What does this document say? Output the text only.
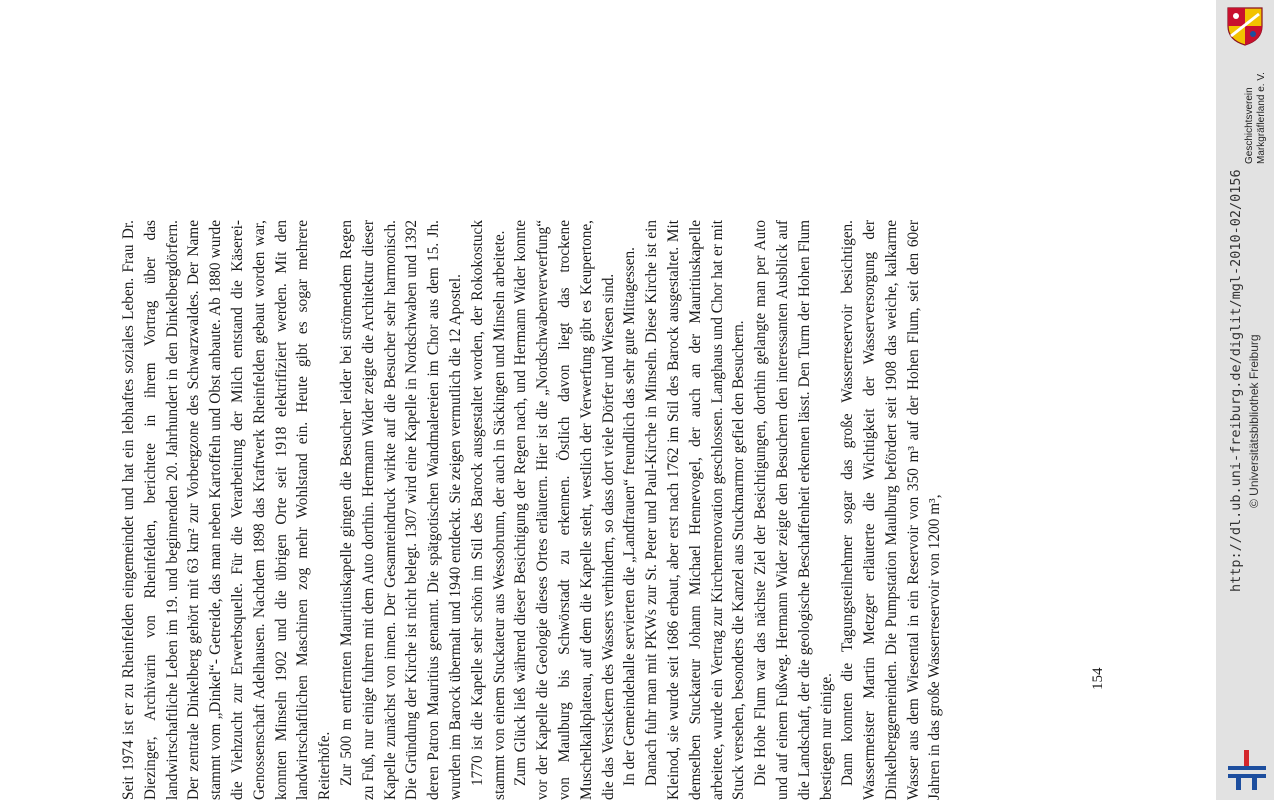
Seit 1974 ist er zu Rheinfelden eingemeindet und hat ein lebhaftes soziales Leben. Frau Dr. Diezinger, Archivarin von Rheinfelden, berichtete in ihrem Vortrag über das landwirtschaftliche Leben im 19. und beginnenden 20. Jahrhundert in den Dinkelbergdörfern. Der zentrale Dinkelberg gehört mit 63 km² zur Vorbergzone des Schwarzwaldes. Der Name stammt vom „Dinkel“- Getreide, das man neben Kartoffeln und Obst anbaute. Ab 1880 wurde die Viehzucht zur Erwerbsquelle. Für die Verarbeitung der Milch entstand die Käserei-Genossenschaft Adelhausen. Nachdem 1898 das Kraftwerk Rheinfelden gebaut worden war, konnten Minseln 1902 und die übrigen Orte seit 1918 elektrifiziert werden. Mit den landwirtschaftlichen Maschinen zog mehr Wohlstand ein. Heute gibt es sogar mehrere Reiterhöfe. Zur 500 m entfernten Mauritiuskapelle gingen die Besucher leider bei strömendem Regen zu Fuß, nur einige fuhren mit dem Auto dorthin. Hermann Wider zeigte die Architektur dieser Kapelle zunächst von innen. Der Gesamteindruck wirkte auf die Besucher sehr harmonisch. Die Gründung der Kirche ist nicht belegt. 1307 wird eine Kapelle in Nordschwaben und 1392 deren Patron Mauritius genannt. Die spätgotischen Wandmalereien im Chor aus dem 15. Jh. wurden im Barock übermalt und 1940 entdeckt. Sie zeigen vermutlich die 12 Apostel. 1770 ist die Kapelle sehr schön im Stil des Barock ausgestaltet worden, der Rokokostuck stammt von einem Stuckateur aus Wessobrunn, der auch in Säckingen und Minseln arbeitete. Zum Glück ließ während dieser Besichtigung der Regen nach, und Hermann Wider konnte vor der Kapelle die Geologie dieses Ortes erläutern. Hier ist die „Nordschwabenverwerfung“ von Maulburg bis Schwörstadt zu erkennen. Östlich davon liegt das trockene Muschelkalkplateau, auf dem die Kapelle steht, westlich der Verwerfung gibt es Keupertone, die das Versickern des Wassers verhindern, so dass dort viele Dörfer und Wiesen sind. In der Gemeindehalle servierten die „Landfrauen“ freundlich das sehr gute Mittagessen. Danach fuhr man mit PKWs zur St. Peter und Paul-Kirche in Minseln. Diese Kirche ist ein Kleinod, sie wurde seit 1686 erbaut, aber erst nach 1762 im Stil des Barock ausgestaltet. Mit demselben Stuckateur Johann Michael Hennevogel, der auch an der Mauritiuskapelle arbeitete, wurde ein Vertrag zur Kirchenrenovation geschlossen. Langhaus und Chor hat er mit Stuck versehen, besonders die Kanzel aus Stuckmarmor gefiel den Besuchern. Die Hohe Flum war das nächste Ziel der Besichtigungen, dorthin gelangte man per Auto und auf einem Fußweg. Hermann Wider zeigte den Besuchern den interessanten Ausblick auf die Landschaft, der die geologische Beschaffenheit erkennen lässt. Den Turm der Hohen Flum bestiegen nur einige. Dann konnten die Tagungsteilnehmer sogar das große Wasserreservoir besichtigen. Wassermeister Martin Metzger erläuterte die Wichtigkeit der Wasserversorgung der Dinkelberggemeinden. Die Pumpstation Maulburg befördert seit 1908 das weiche, kalkarme Wasser aus dem Wiesental in ein Reservoir von 350 m³ auf der Hohen Flum, seit den 60er Jahren in das große Wasserreservoir von 1200 m³,	154
http://dl.ub.uni-freiburg.de/diglit/mgl-2010-02/0156 © Universitätsbibliothek Freiburg
Geschichtsverein Markgräflerland e. V.
